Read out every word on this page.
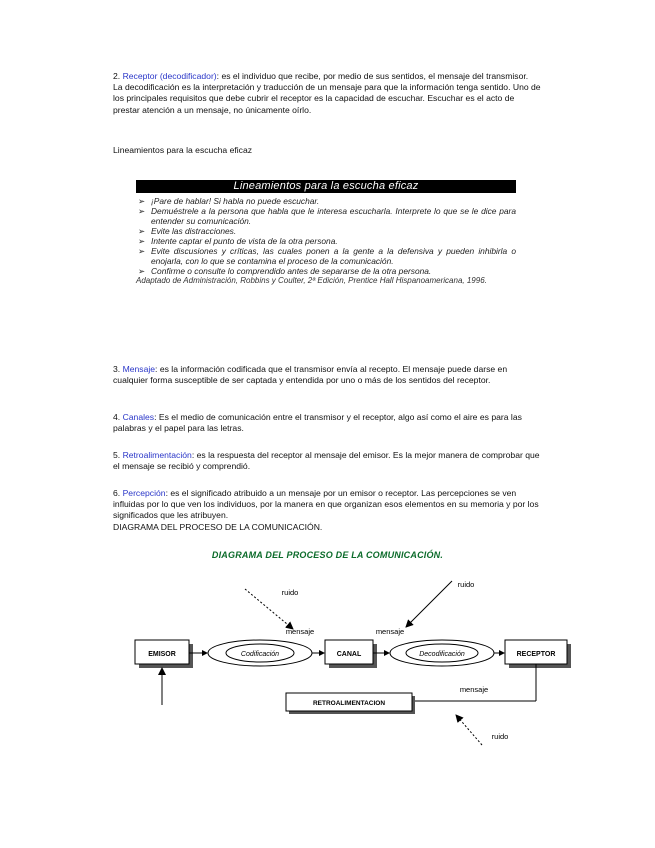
2. Receptor (decodificador): es el individuo que recibe, por medio de sus sentidos, el mensaje del transmisor.

La decodificación es la interpretación y traducción de un mensaje para que la información tenga sentido. Uno de los principales requisitos que debe cubrir el receptor es la capacidad de escuchar. Escuchar es el acto de prestar atención a un mensaje, no únicamente oírlo.

Lineamientos para la escucha eficaz
Lineamientos para la escucha eficaz
➢ ¡Pare de hablar! Si habla no puede escuchar.
➢ Demuéstrele a la persona que habla que le interesa escucharla. Interprete lo que se le dice para entender su comunicación.
➢ Evite las distracciones.
➢ Intente captar el punto de vista de la otra persona.
➢ Evite discusiones y críticas, las cuales ponen a la gente a la defensiva y pueden inhibirla o enojarla, con lo que se contamina el proceso de la comunicación.
➢ Confirme o consulte lo comprendido antes de separarse de la otra persona.
Adaptado de Administración, Robbins y Coulter, 2ª Edición, Prentice Hall Hispanoamericana, 1996.

3. Mensaje: es la información codificada que el transmisor envía al recepto. El mensaje puede darse en cualquier forma susceptible de ser captada y entendida por uno o más de los sentidos del receptor.

4. Canales: Es el medio de comunicación entre el transmisor y el receptor, algo así como el aire es para las palabras y el papel para las letras.

5. Retroalimentación: es la respuesta del receptor al mensaje del emisor. Es la mejor manera de comprobar que el mensaje se recibió y comprendió.

6. Percepción: es el significado atribuido a un mensaje por un emisor o receptor. Las percepciones se ven influidas por lo que ven los individuos, por la manera en que organizan esos elementos en su memoria y por los significados que les atribuyen.

DIAGRAMA DEL PROCESO DE LA COMUNICACIÓN.

DIAGRAMA DEL PROCESO DE LA COMUNICACIÓN.
EMISOR	Codificación	CANAL	Decodificación	RECEPTOR
mensaje	mensaje
mensaje
ruido
ruido
ruido
RETROALIMENTACION
